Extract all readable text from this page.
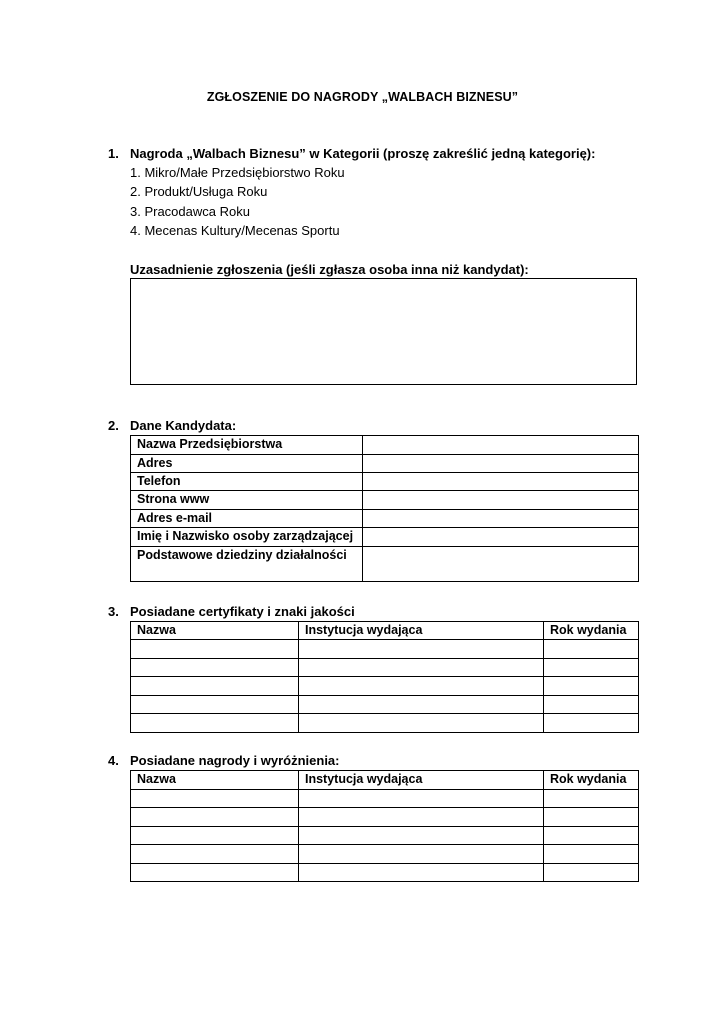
ZGŁOSZENIE DO NAGRODY „WALBACH BIZNESU”
1. Nagroda „Walbach Biznesu” w Kategorii (proszę zakreślić jedną kategorię):
1. Mikro/Małe Przedsiębiorstwo Roku
2. Produkt/Usługa Roku
3. Pracodawca Roku
4. Mecenas Kultury/Mecenas Sportu
Uzasadnienie zgłoszenia (jeśli zgłasza osoba inna niż kandydat):
2. Dane Kandydata:
Nazwa Przedsiębiorstwa	
Adres	
Telefon	
Strona www	
Adres e-mail	
Imię i Nazwisko osoby zarządzającej	
Podstawowe dziedziny działalności	
3. Posiadane certyfikaty i znaki jakości
Nazwa	Instytucja wydająca	Rok wydania

4. Posiadane nagrody i wyróżnienia:
Nazwa	Instytucja wydająca	Rok wydania
